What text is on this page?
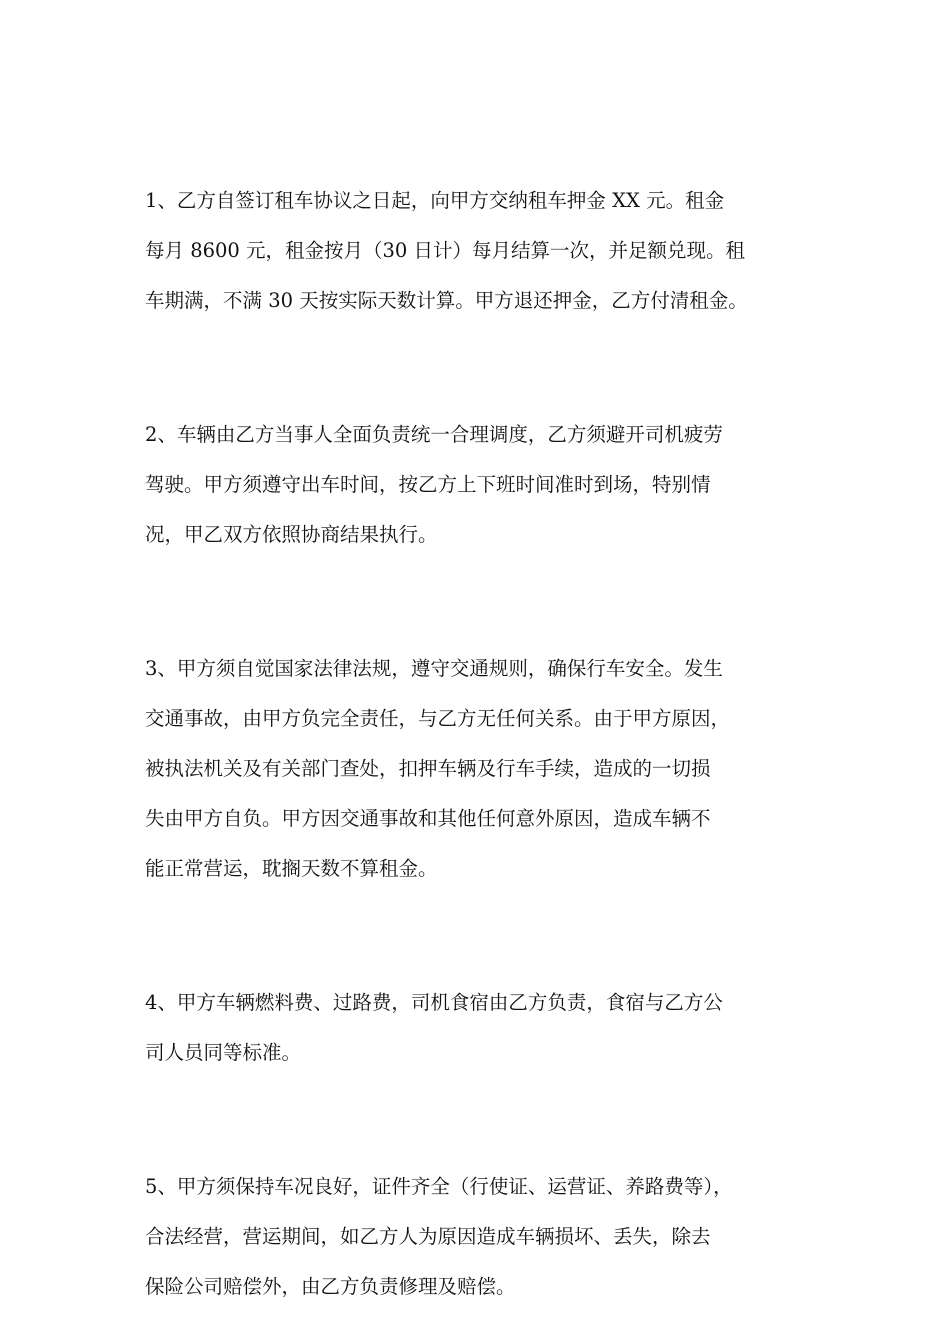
1、乙方自签订租车协议之日起，向甲方交纳租车押金 XX 元。租金
每月 8600 元，租金按月（30 日计）每月结算一次，并足额兑现。租
车期满，不满 30 天按实际天数计算。甲方退还押金，乙方付清租金。
2、车辆由乙方当事人全面负责统一合理调度，乙方须避开司机疲劳
驾驶。甲方须遵守出车时间，按乙方上下班时间准时到场，特别情
况，甲乙双方依照协商结果执行。
3、甲方须自觉国家法律法规，遵守交通规则，确保行车安全。发生
交通事故，由甲方负完全责任，与乙方无任何关系。由于甲方原因，
被执法机关及有关部门查处，扣押车辆及行车手续，造成的一切损
失由甲方自负。甲方因交通事故和其他任何意外原因，造成车辆不
能正常营运，耽搁天数不算租金。
4、甲方车辆燃料费、过路费，司机食宿由乙方负责，食宿与乙方公
司人员同等标准。
5、甲方须保持车况良好，证件齐全（行使证、运营证、养路费等），
合法经营，营运期间，如乙方人为原因造成车辆损坏、丢失，除去
保险公司赔偿外，由乙方负责修理及赔偿。
